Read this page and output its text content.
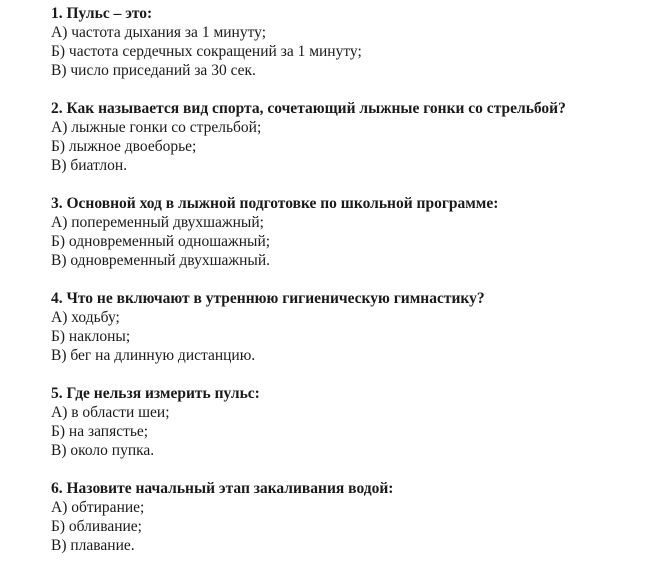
1. Пульс – это:
А) частота дыхания за 1 минуту;
Б) частота сердечных сокращений за 1 минуту;
В) число приседаний за 30 сек.
2. Как называется вид спорта, сочетающий лыжные гонки со стрельбой?
А) лыжные гонки со стрельбой;
Б) лыжное двоеборье;
В) биатлон.
3. Основной ход в лыжной подготовке по школьной программе:
А) попеременный двухшажный;
Б) одновременный одношажный;
В) одновременный двухшажный.
4. Что не включают в утреннюю гигиеническую гимнастику?
А) ходьбу;
Б) наклоны;
В) бег на длинную дистанцию.
5. Где нельзя измерить пульс:
А) в области шеи;
Б) на запястье;
В) около пупка.
6. Назовите начальный этап закаливания водой:
А) обтирание;
Б) обливание;
В) плавание.
